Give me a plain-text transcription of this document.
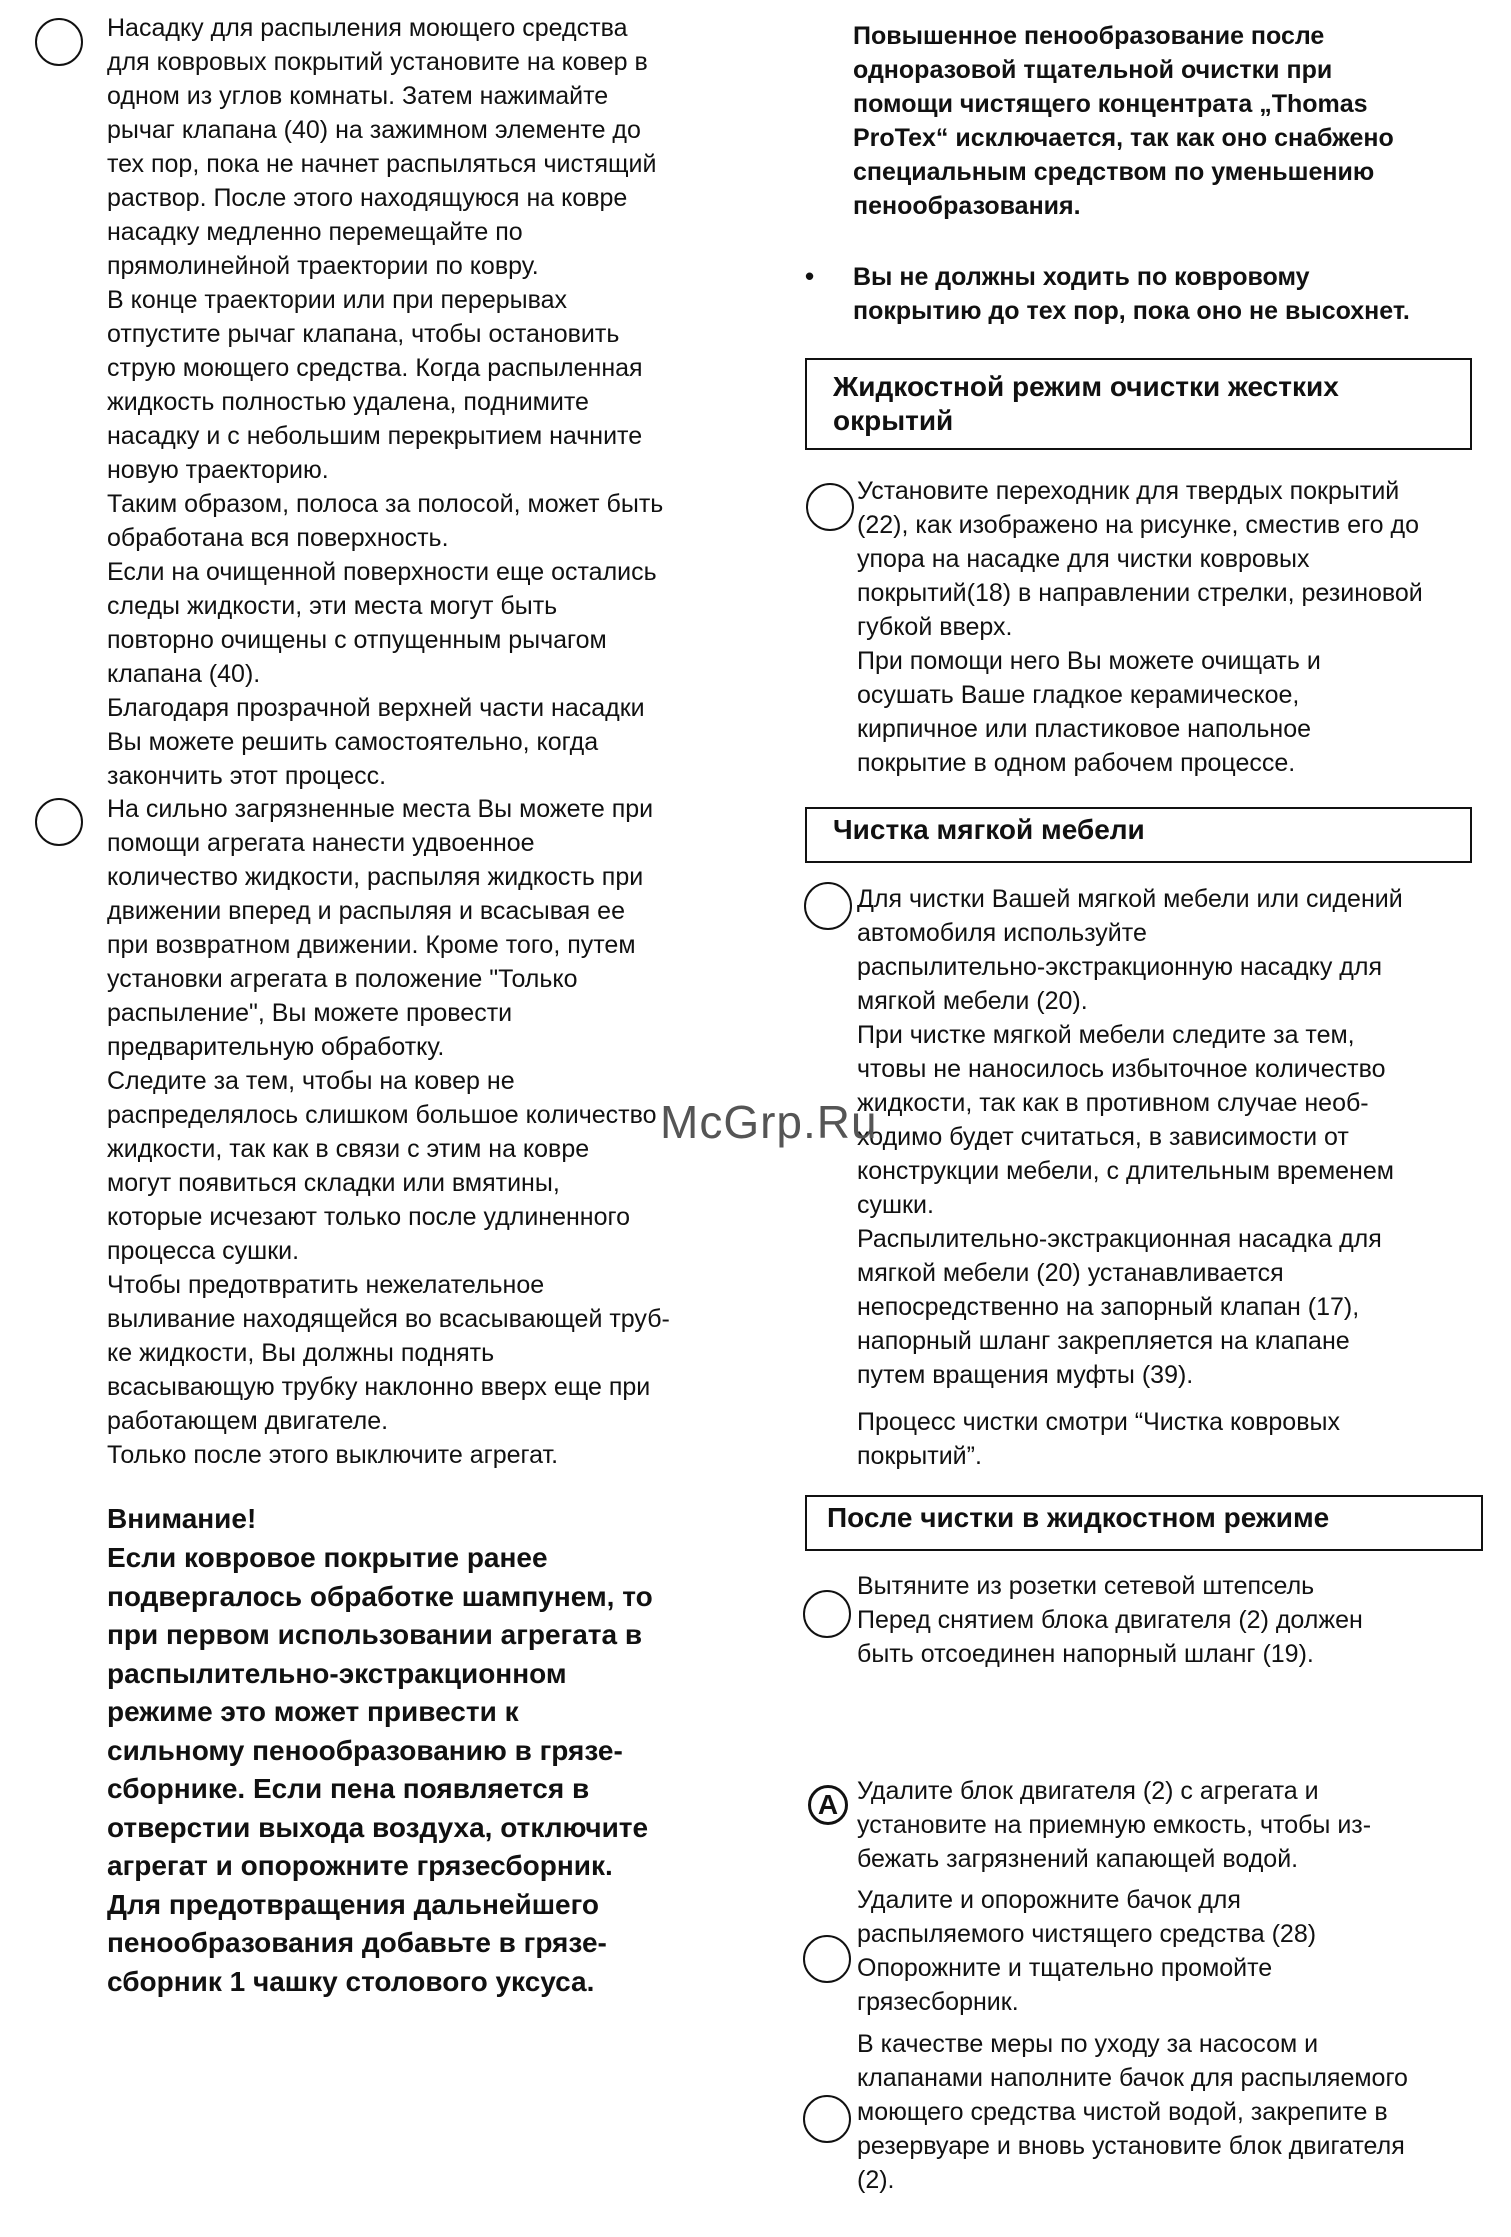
Насадку для распыления моющего средства
для ковровых покрытий установите на ковер в
одном из углов комнаты. Затем нажимайте
рычаг клапана (40) на зажимном элементе до
тех пор, пока не начнет распыляться чистящий
раствор. После этого находящуюся на ковре
насадку медленно перемещайте по
прямолинейной траектории по ковру.
В конце траектории или при перерывах
отпустите рычаг клапана, чтобы остановить
струю моющего средства. Когда распыленная
жидкость полностью удалена, поднимите
насадку и с небольшим перекрытием начните
новую траекторию.
Таким образом, полоса за полосой, может быть
обработана вся поверхность.
Если на очищенной поверхности еще остались
следы жидкости, эти места могут быть
повторно очищены с отпущенным рычагом
клапана (40).
Благодаря прозрачной верхней части насадки
Вы можете решить самостоятельно, когда
закончить этот процесс.
На сильно загрязненные места Вы можете при
помощи агрегата нанести удвоенное
количество жидкости, распыляя жидкость при
движении вперед и распыляя и всасывая ее
при возвратном движении. Кроме того, путем
установки агрегата в положение "Только
распыление", Вы можете провести
предварительную обработку.
Следите за тем, чтобы на ковер не
распределялось слишком большое количество
жидкости, так как в связи с этим на ковре
могут появиться складки или вмятины,
которые исчезают только после удлиненного
процесса сушки.
Чтобы предотвратить нежелательное
выливание находящейся во всасывающей труб-
ке жидкости, Вы должны поднять
всасывающую трубку наклонно вверх еще при
работающем двигателе.
Только после этого выключите агрегат.

Внимание!

Если ковровое покрытие ранее
подвергалось обработке шампунем, то
при первом использовании агрегата в
распылительно-экстракционном
режиме это может привести к
сильному пенообразованию в грязе-
сборнике. Если пена появляется в
отверстии выхода воздуха, отключите
агрегат и опорожните грязесборник.
Для предотвращения дальнейшего
пенообразования добавьте в грязе-
сборник 1 чашку столового уксуса.
Повышенное пенообразование после
одноразовой тщательной очистки при
помощи чистящего концентрата „Thomas
ProTex“ исключается, так как оно снабжено
специальным средством по уменьшению
пенообразования.
• Вы не должны ходить по ковровому
покрытию до тех пор, пока оно не высохнет.
Жидкостной режим очистки жестких
окрытий
Установите переходник для твердых покрытий
(22), как изображено на рисунке, сместив его до
упора на насадке для чистки ковровых
покрытий(18) в направлении стрелки, резиновой
губкой вверх.
При помощи него Вы можете очищать и
осушать Ваше гладкое керамическое,
кирпичное или пластиковое напольное
покрытие в одном рабочем процессе.
Чистка мягкой мебели
Для чистки Вашей мягкой мебели или сидений
автомобиля используйте
распылительно-экстракционную насадку для
мягкой мебели (20).
При чистке мягкой мебели следите за тем,
чтовы не наносилось избыточное количество
жидкости, так как в противном случае необ-
ходимо будет считаться, в зависимости от
конструкции мебели, с длительным временем
сушки.
Распылительно-экстракционная насадка для
мягкой мебели (20) устанавливается
непосредственно на запорный клапан (17),
напорный шланг закрепляется на клапане
путем вращения муфты (39).
Процесс чистки смотри “Чистка ковровых
покрытий”.
После чистки в жидкостном режиме
Вытяните из розетки сетевой штепсель
Перед снятием блока двигателя (2) должен
быть отсоединен напорный шланг (19).
A Удалите блок двигателя (2) с агрегата и
установите на приемную емкость, чтобы из-
бежать загрязнений капающей водой.
Удалите и опорожните бачок для
распыляемого чистящего средства (28)
Опорожните и тщательно промойте
грязесборник.
В качестве меры по уходу за насосом и
клапанами наполните бачок для распыляемого
моющего средства чистой водой, закрепите в
резервуаре и вновь установите блок двигателя
(2).
McGrp.Ru
